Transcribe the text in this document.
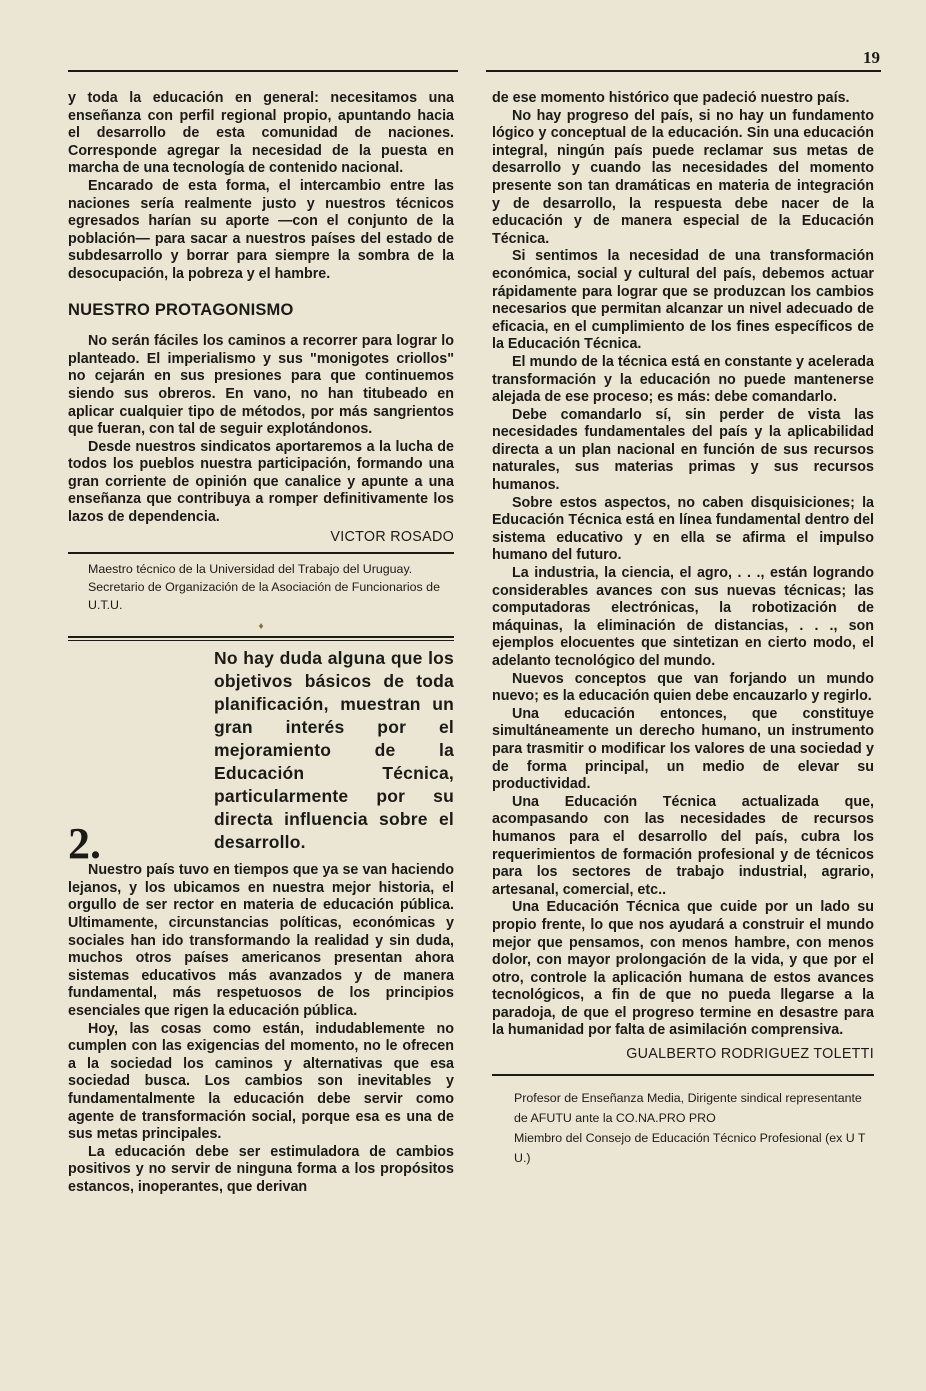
19

y toda la educación en general: necesitamos una enseñanza con perfil regional propio, apuntando hacia el desarrollo de esta comunidad de naciones. Corresponde agregar la necesidad de la puesta en marcha de una tecnología de contenido nacional.

Encarado de esta forma, el intercambio entre las naciones sería realmente justo y nuestros técnicos egresados harían su aporte —con el conjunto de la población— para sacar a nuestros países del estado de subdesarrollo y borrar para siempre la sombra de la desocupación, la pobreza y el hambre.

NUESTRO PROTAGONISMO

No serán fáciles los caminos a recorrer para lograr lo planteado. El imperialismo y sus "monigotes criollos" no cejarán en sus presiones para que continuemos siendo sus obreros. En vano, no han titubeado en aplicar cualquier tipo de métodos, por más sangrientos que fueran, con tal de seguir explotándonos.

Desde nuestros sindicatos aportaremos a la lucha de todos los pueblos nuestra participación, formando una gran corriente de opinión que canalice y apunte a una enseñanza que contribuya a romper definitivamente los lazos de dependencia.

VICTOR ROSADO
Maestro técnico de la Universidad del Trabajo del Uruguay.
Secretario de Organización de la Asociación de Funcionarios de U.T.U.
♦
2.
No hay duda alguna que los objetivos básicos de toda planificación, muestran un gran interés por el mejoramiento de la Educación Técnica, particularmente por su directa influencia sobre el desarrollo.

Nuestro país tuvo en tiempos que ya se van haciendo lejanos, y los ubicamos en nuestra mejor historia, el orgullo de ser rector en materia de educación pública. Ultimamente, circunstancias políticas, económicas y sociales han ido transformando la realidad y sin duda, muchos otros países americanos presentan ahora sistemas educativos más avanzados y de manera fundamental, más respetuosos de los principios esenciales que rigen la educación pública.

Hoy, las cosas como están, indudablemente no cumplen con las exigencias del momento, no le ofrecen a la sociedad los caminos y alternativas que esa sociedad busca. Los cambios son inevitables y fundamentalmente la educación debe servir como agente de transformación social, porque esa es una de sus metas principales.

La educación debe ser estimuladora de cambios positivos y no servir de ninguna forma a los propósitos estancos, inoperantes, que derivan

de ese momento histórico que padeció nuestro país.

No hay progreso del país, si no hay un fundamento lógico y conceptual de la educación. Sin una educación integral, ningún país puede reclamar sus metas de desarrollo y cuando las necesidades del momento presente son tan dramáticas en materia de integración y de desarrollo, la respuesta debe nacer de la educación y de manera especial de la Educación Técnica.

Si sentimos la necesidad de una transformación económica, social y cultural del país, debemos actuar rápidamente para lograr que se produzcan los cambios necesarios que permitan alcanzar un nivel adecuado de eficacia, en el cumplimiento de los fines específicos de la Educación Técnica.

El mundo de la técnica está en constante y acelerada transformación y la educación no puede mantenerse alejada de ese proceso; es más: debe comandarlo.

Debe comandarlo sí, sin perder de vista las necesidades fundamentales del país y la aplicabilidad directa a un plan nacional en función de sus recursos naturales, sus materias primas y sus recursos humanos.

Sobre estos aspectos, no caben disquisiciones; la Educación Técnica está en línea fundamental dentro del sistema educativo y en ella se afirma el impulso humano del futuro.

La industria, la ciencia, el agro, . . ., están logrando considerables avances con sus nuevas técnicas; las computadoras electrónicas, la robotización de máquinas, la eliminación de distancias, . . ., son ejemplos elocuentes que sintetizan en cierto modo, el adelanto tecnológico del mundo.

Nuevos conceptos que van forjando un mundo nuevo; es la educación quien debe encauzarlo y regirlo.

Una educación entonces, que constituye simultáneamente un derecho humano, un instrumento para trasmitir o modificar los valores de una sociedad y de forma principal, un medio de elevar su productividad.

Una Educación Técnica actualizada que, acompasando con las necesidades de recursos humanos para el desarrollo del país, cubra los requerimientos de formación profesional y de técnicos para los sectores de trabajo industrial, agrario, artesanal, comercial, etc..

Una Educación Técnica que cuide por un lado su propio frente, lo que nos ayudará a construir el mundo mejor que pensamos, con menos hambre, con menos dolor, con mayor prolongación de la vida, y que por el otro, controle la aplicación humana de estos avances tecnológicos, a fin de que no pueda llegarse a la paradoja, de que el progreso termine en desastre para la humanidad por falta de asimilación comprensiva.

GUALBERTO RODRIGUEZ TOLETTI
Profesor de Enseñanza Media, Dirigente sindical representante de AFUTU ante la CO.NA.PRO PRO
Miembro del Consejo de Educación Técnico Profesional (ex U T U.)
